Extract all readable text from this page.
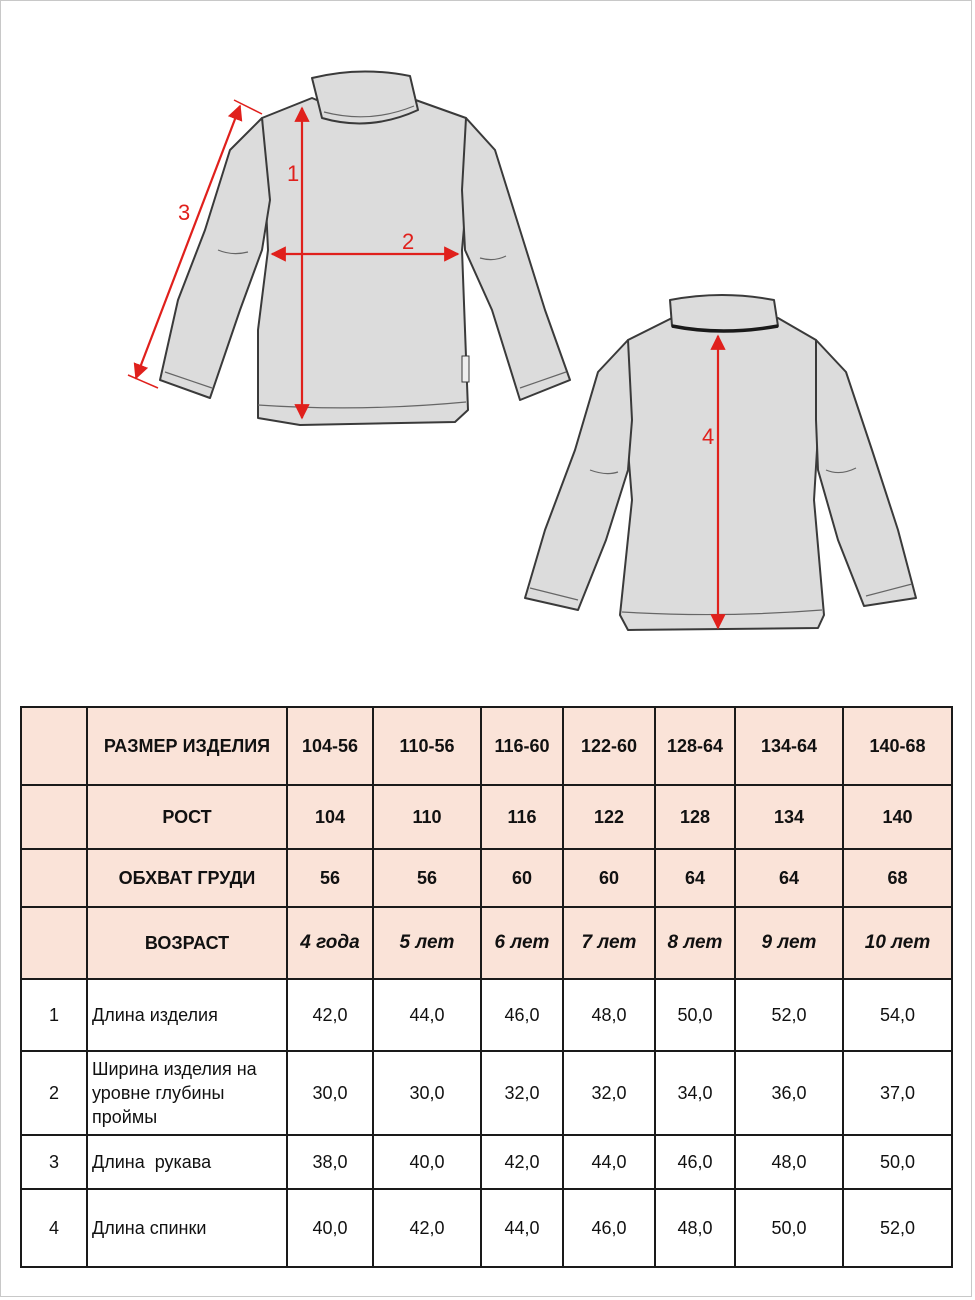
1
2
3
4
	РАЗМЕР ИЗДЕЛИЯ	104-56	110-56	116-60	122-60	128-64	134-64	140-68
	РОСТ	104	110	116	122	128	134	140
	ОБХВАТ ГРУДИ	56	56	60	60	64	64	68
	ВОЗРАСТ	4 года	5 лет	6 лет	7 лет	8 лет	9 лет	10 лет
1	Длина изделия	42,0	44,0	46,0	48,0	50,0	52,0	54,0
2	Ширина изделия на уровне глубины проймы	30,0	30,0	32,0	32,0	34,0	36,0	37,0
3	Длина  рукава	38,0	40,0	42,0	44,0	46,0	48,0	50,0
4	Длина спинки	40,0	42,0	44,0	46,0	48,0	50,0	52,0
